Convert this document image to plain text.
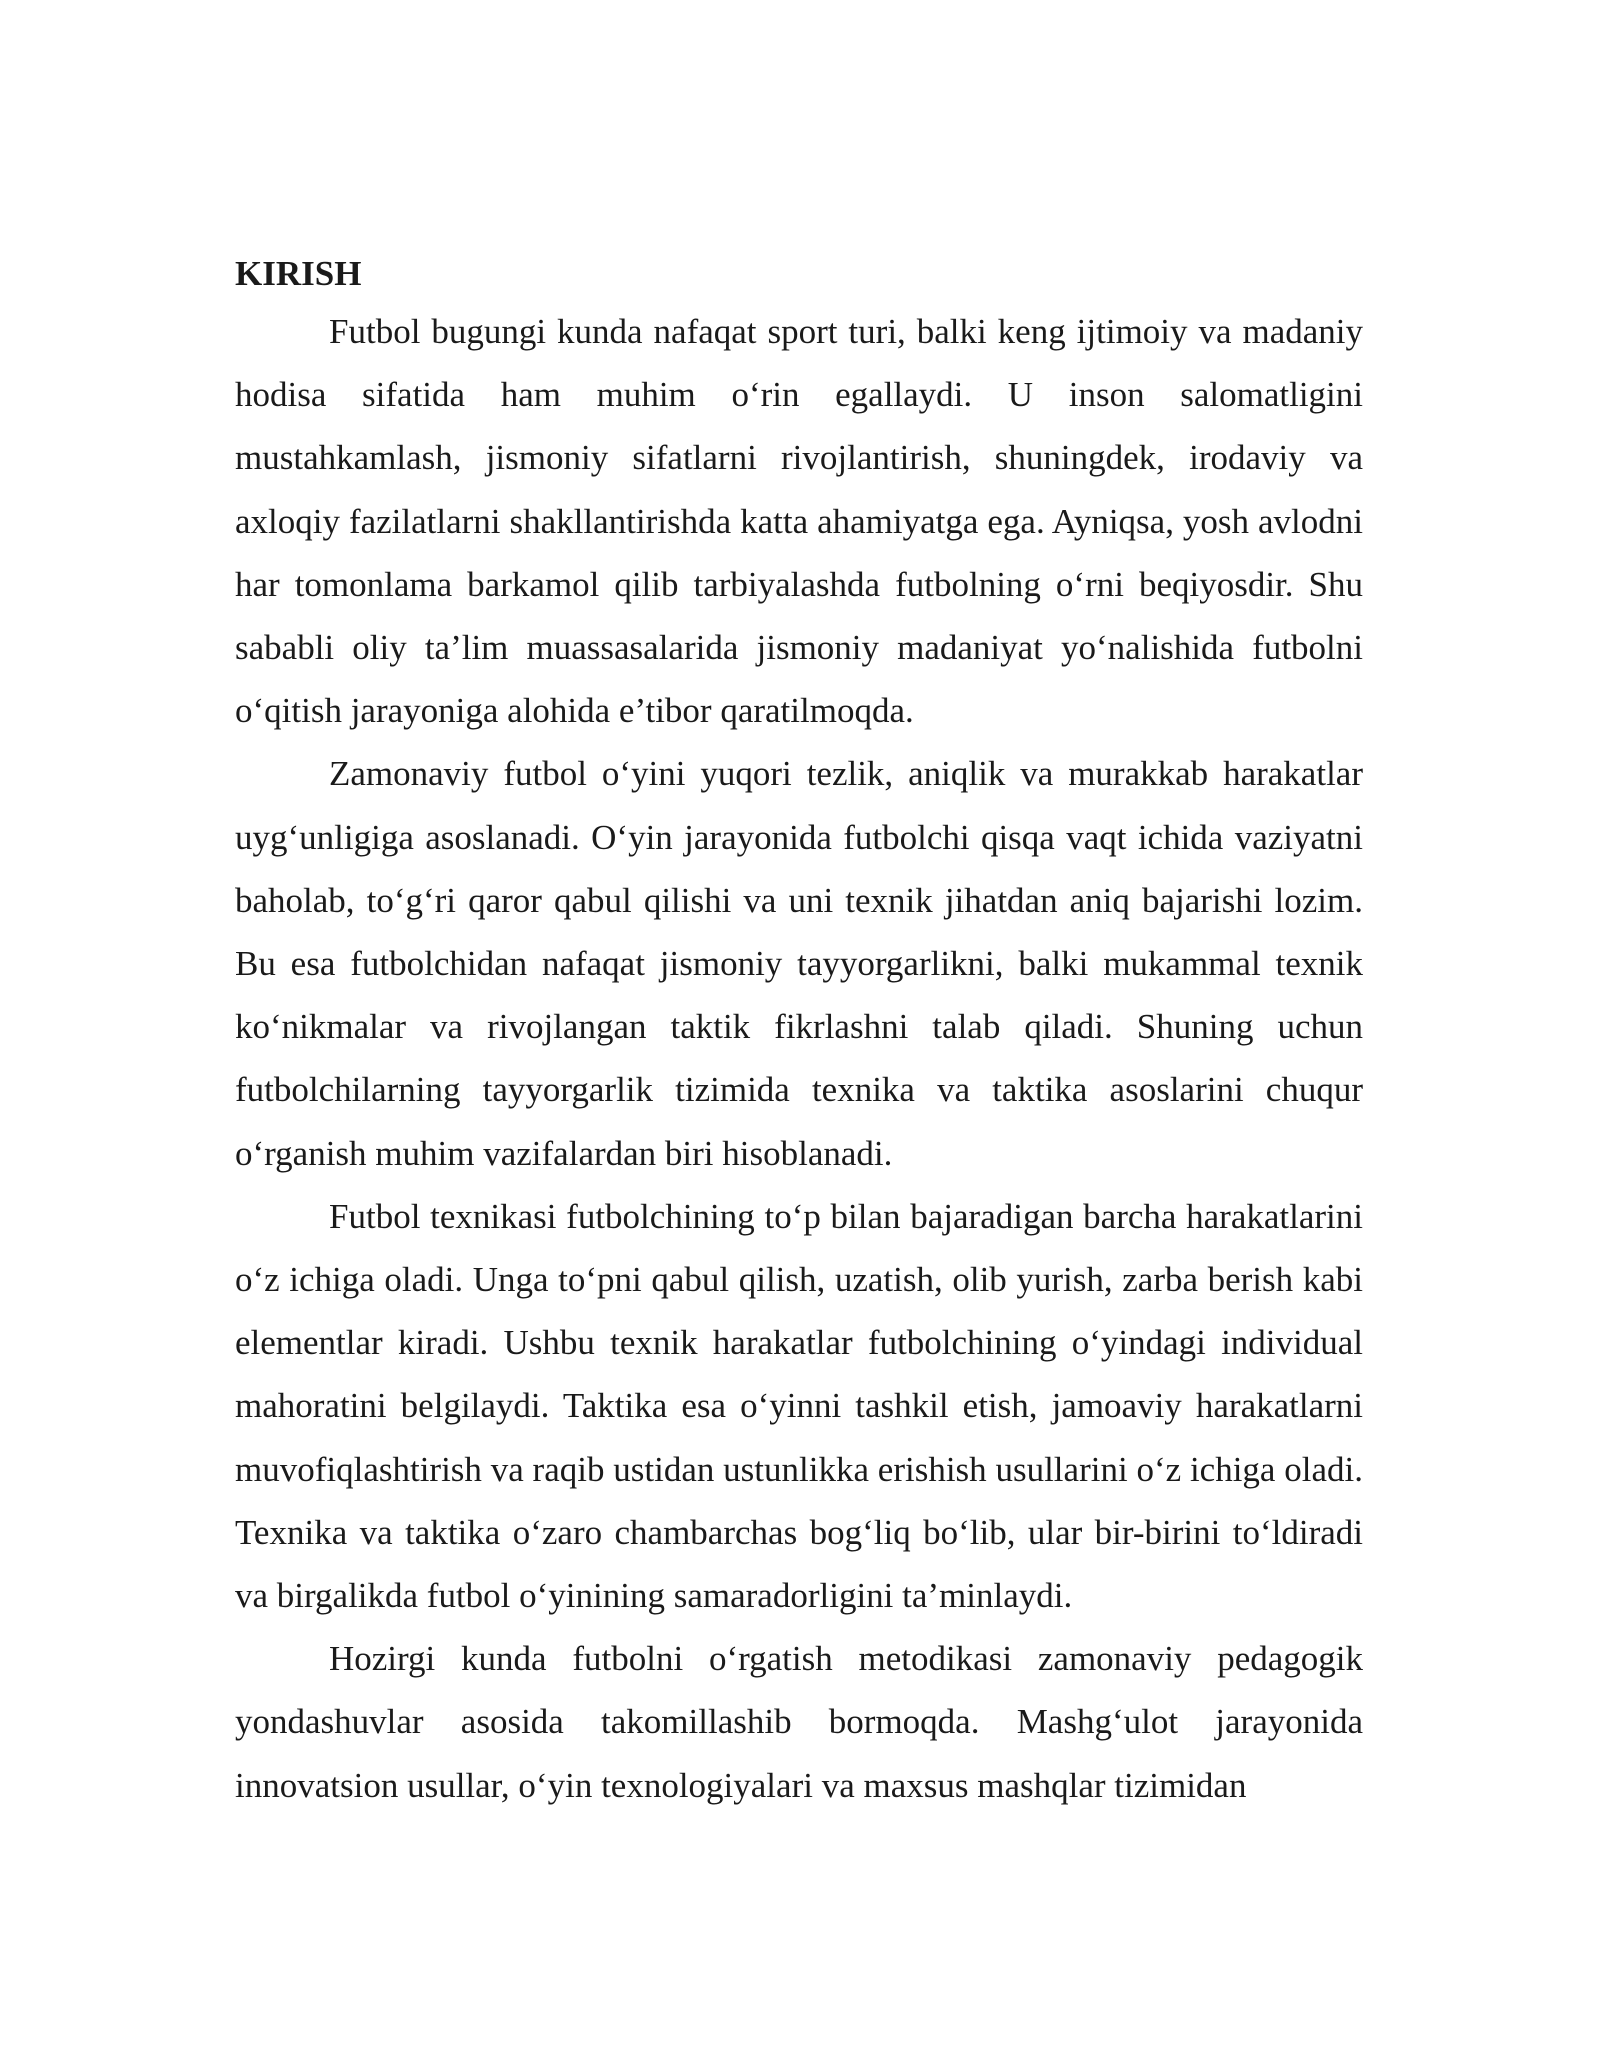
KIRISH

Futbol bugungi kunda nafaqat sport turi, balki keng ijtimoiy va madaniy hodisa sifatida ham muhim o‘rin egallaydi. U inson salomatligini mustahkamlash, jismoniy sifatlarni rivojlantirish, shuningdek, irodaviy va axloqiy fazilatlarni shakllantirishda katta ahamiyatga ega. Ayniqsa, yosh avlodni har tomonlama barkamol qilib tarbiyalashda futbolning o‘rni beqiyosdir. Shu sababli oliy ta’lim muassasalarida jismoniy madaniyat yo‘nalishida futbolni o‘qitish jarayoniga alohida e’tibor qaratilmoqda.

Zamonaviy futbol o‘yini yuqori tezlik, aniqlik va murakkab harakatlar uyg‘unligiga asoslanadi. O‘yin jarayonida futbolchi qisqa vaqt ichida vaziyatni baholab, to‘g‘ri qaror qabul qilishi va uni texnik jihatdan aniq bajarishi lozim. Bu esa futbolchidan nafaqat jismoniy tayyorgarlikni, balki mukammal texnik ko‘nikmalar va rivojlangan taktik fikrlashni talab qiladi. Shuning uchun futbolchilarning tayyorgarlik tizimida texnika va taktika asoslarini chuqur o‘rganish muhim vazifalardan biri hisoblanadi.

Futbol texnikasi futbolchining to‘p bilan bajaradigan barcha harakatlarini o‘z ichiga oladi. Unga to‘pni qabul qilish, uzatish, olib yurish, zarba berish kabi elementlar kiradi. Ushbu texnik harakatlar futbolchining o‘yindagi individual mahoratini belgilaydi. Taktika esa o‘yinni tashkil etish, jamoaviy harakatlarni muvofiqlashtirish va raqib ustidan ustunlikka erishish usullarini o‘z ichiga oladi. Texnika va taktika o‘zaro chambarchas bog‘liq bo‘lib, ular bir-birini to‘ldiradi va birgalikda futbol o‘yinining samaradorligini ta’minlaydi.

Hozirgi kunda futbolni o‘rgatish metodikasi zamonaviy pedagogik yondashuvlar asosida takomillashib bormoqda. Mashg‘ulot jarayonida innovatsion usullar, o‘yin texnologiyalari va maxsus mashqlar tizimidan
